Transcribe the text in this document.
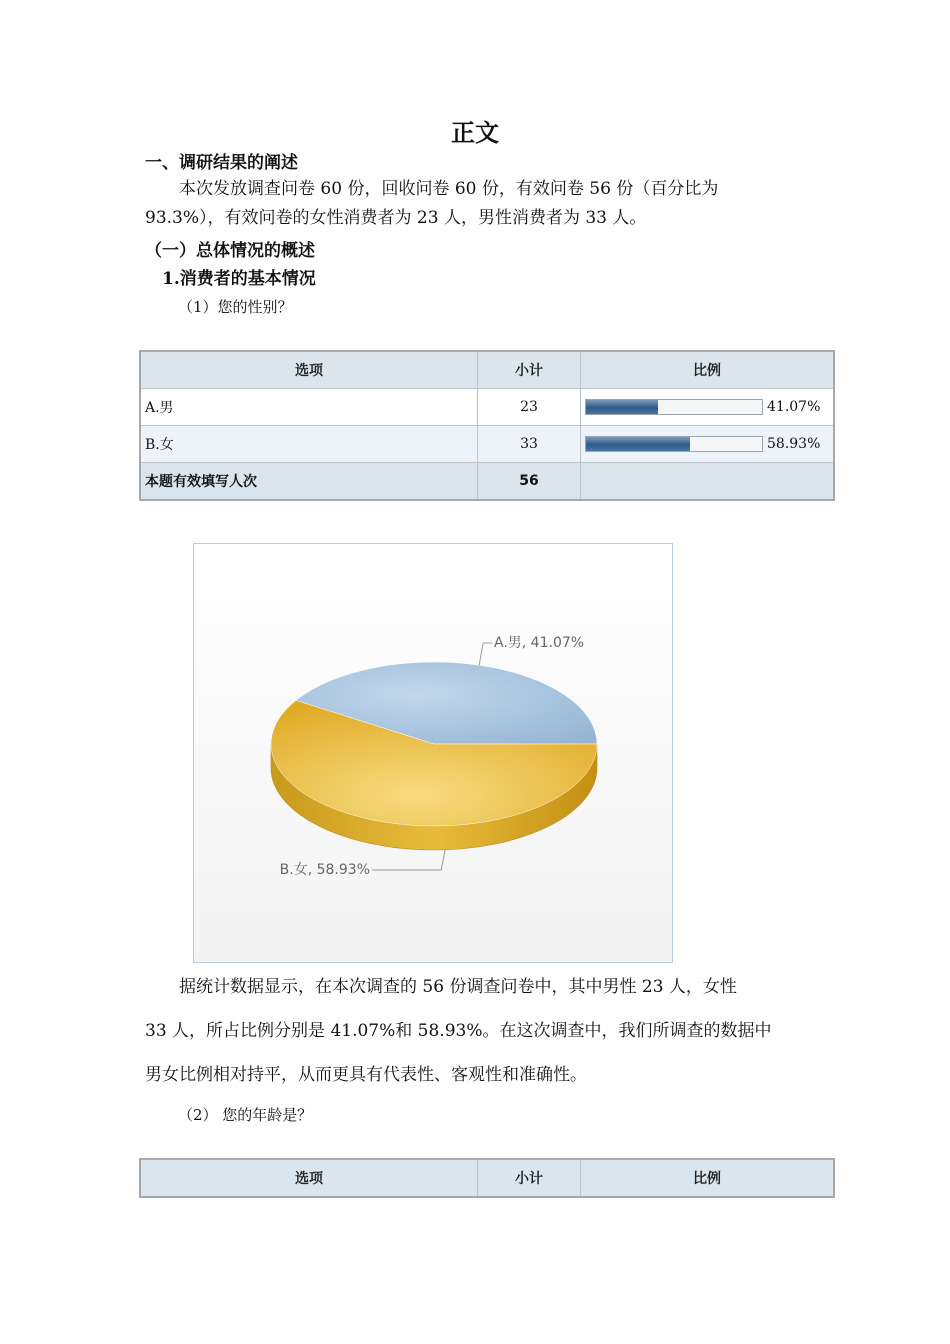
正文
一、调研结果的阐述
本次发放调查问卷 60 份，回收问卷 60 份，有效问卷 56 份（百分比为
93.3%），有效问卷的女性消费者为 23 人，男性消费者为 33 人。
（一）总体情况的概述
1.消费者的基本情况
（1）您的性别？
选项	小计	比例
A.男	23	41.07%
B.女	33	58.93%
本题有效填写人次	56	
A.男, 41.07%
B.女, 58.93%
据统计数据显示，在本次调查的 56 份调查问卷中，其中男性 23 人，女性
33 人，所占比例分别是 41.07%和 58.93%。在这次调查中，我们所调查的数据中
男女比例相对持平，从而更具有代表性、客观性和准确性。
（2） 您的年龄是？
选项	小计	比例
